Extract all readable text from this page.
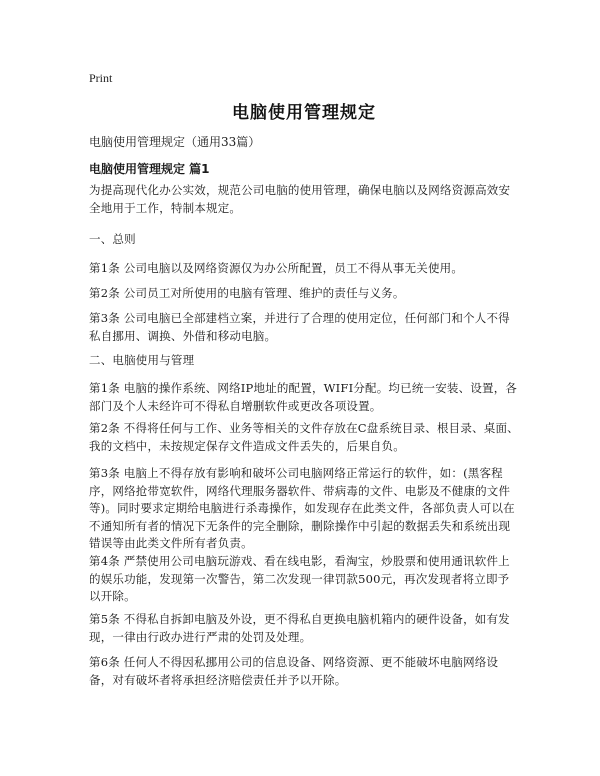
Print
电脑使用管理规定
电脑使用管理规定（通用33篇）
电脑使用管理规定 篇1

为提高现代化办公实效，规范公司电脑的使用管理，确保电脑以及网络资源高效安全地用于工作，特制本规定。

一、总则

第1条 公司电脑以及网络资源仅为办公所配置，员工不得从事无关使用。

第2条 公司员工对所使用的电脑有管理、维护的责任与义务。

第3条 公司电脑已全部建档立案，并进行了合理的使用定位，任何部门和个人不得私自挪用、调换、外借和移动电脑。

二、电脑使用与管理

第1条 电脑的操作系统、网络IP地址的配置，WIFI分配。均已统一安装、设置，各部门及个人未经许可不得私自增删软件或更改各项设置。

第2条 不得将任何与工作、业务等相关的文件存放在C盘系统目录、根目录、桌面、我的文档中，未按规定保存文件造成文件丢失的，后果自负。

第3条 电脑上不得存放有影响和破坏公司电脑网络正常运行的软件，如：(黑客程序，网络抢带宽软件，网络代理服务器软件、带病毒的文件、电影及不健康的文件等)。同时要求定期给电脑进行杀毒操作，如发现存在此类文件，各部负责人可以在不通知所有者的情况下无条件的完全删除，删除操作中引起的数据丢失和系统出现错误等由此类文件所有者负责。

第4条 严禁使用公司电脑玩游戏、看在线电影，看淘宝，炒股票和使用通讯软件上的娱乐功能，发现第一次警告，第二次发现一律罚款500元，再次发现者将立即予以开除。

第5条 不得私自拆卸电脑及外设，更不得私自更换电脑机箱内的硬件设备，如有发现，一律由行政办进行严肃的处罚及处理。

第6条 任何人不得因私挪用公司的信息设备、网络资源、更不能破坏电脑网络设备，对有破坏者将承担经济赔偿责任并予以开除。
